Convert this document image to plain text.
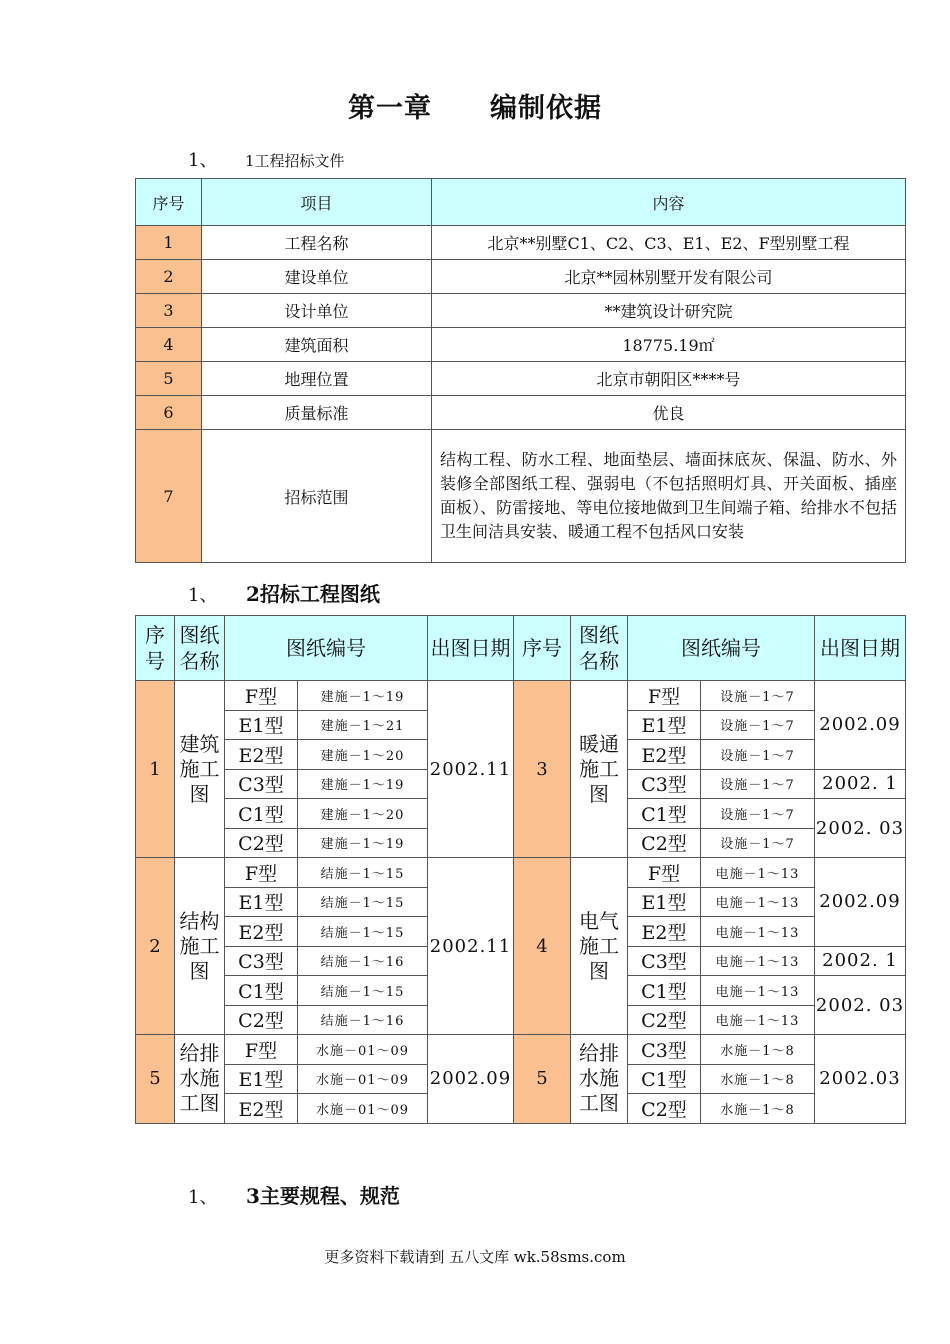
第一章 编制依据
1、 1工程招标文件
序号	项目	内容
1	工程名称	北京**别墅C1、C2、C3、E1、E2、F型别墅工程
2	建设单位	北京**园林别墅开发有限公司
3	设计单位	**建筑设计研究院
4	建筑面积	18775.19㎡
5	地理位置	北京市朝阳区****号
6	质量标准	优良
7	招标范围	结构工程、防水工程、地面垫层、墙面抹底灰、保温、防水、外装修全部图纸工程、强弱电（不包括照明灯具、开关面板、插座面板）、防雷接地、等电位接地做到卫生间端子箱、给排水不包括卫生间洁具安装、暖通工程不包括风口安装
1、 2招标工程图纸
序号	图纸名称	图纸编号		出图日期	序号	图纸名称	图纸编号		出图日期
1	建筑施工图	F型	建施－1～19	2002.11	3	暖通施工图	F型	设施－1～7	2002.09
		E1型	建施－1～21				E1型	设施－1～7	
		E2型	建施－1～20				E2型	设施－1～7	
		C3型	建施－1～19				C3型	设施－1～7	2002. 1
		C1型	建施－1～20				C1型	设施－1～7	2002. 03
		C2型	建施－1～19				C2型	设施－1～7	
2	结构施工图	F型	结施－1～15	2002.11	4	电气施工图	F型	电施－1～13	2002.09
		E1型	结施－1～15				E1型	电施－1～13	
		E2型	结施－1～15				E2型	电施－1～13	
		C3型	结施－1～16				C3型	电施－1～13	2002. 1
		C1型	结施－1～15				C1型	电施－1～13	2002. 03
		C2型	结施－1～16				C2型	电施－1～13	
5	给排水施工图	F型	水施－01～09	2002.09	5	给排水施工图	C3型	水施－1～8	2002.03
		E1型	水施－01～09				C1型	水施－1～8	
		E2型	水施－01～09				C2型	水施－1～8	
1、 3主要规程、规范
更多资料下载请到 五八文库 wk.58sms.com
